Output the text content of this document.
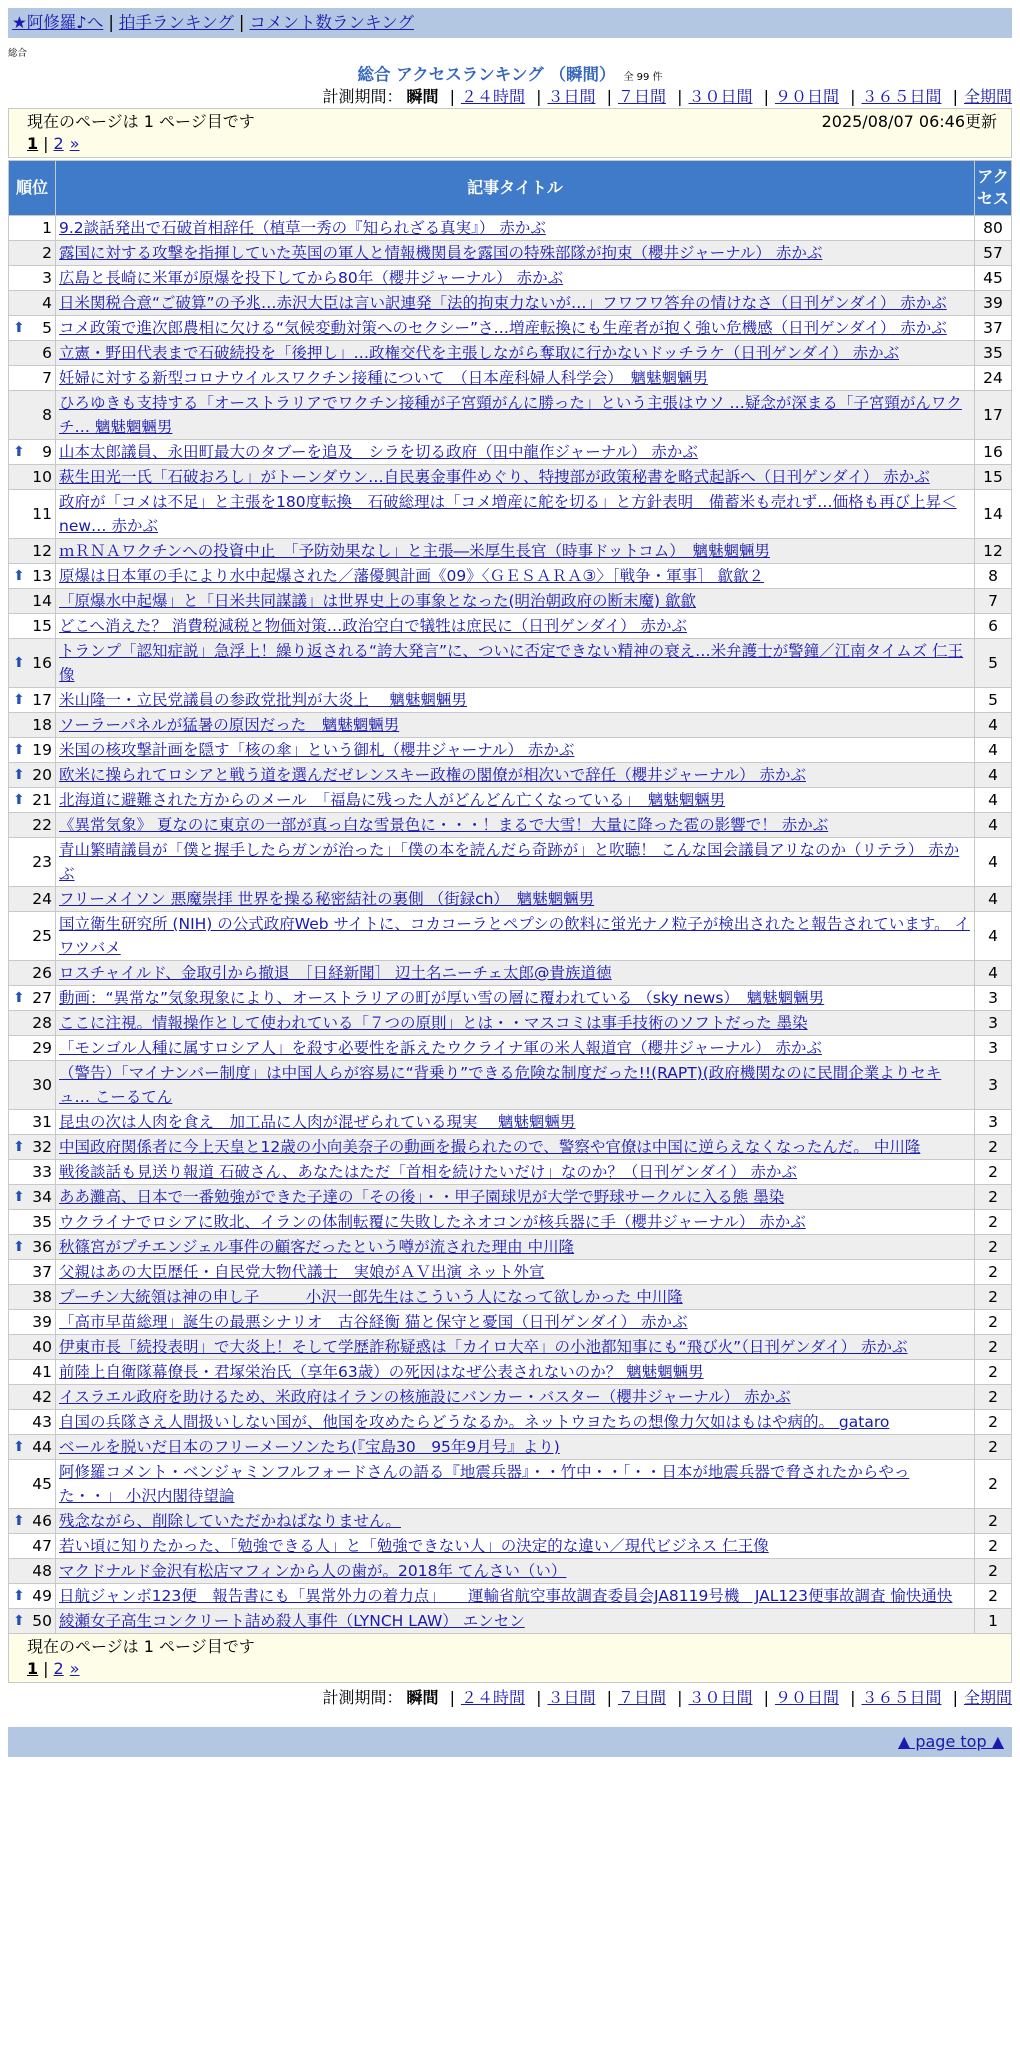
★阿修羅♪へ | 拍手ランキング | コメント数ランキング
総合
総合 アクセスランキング （瞬間） 全 99 件
計測期間： 瞬間 | ２４時間 | ３日間 | ７日間 | ３０日間 | ９０日間 | ３６５日間 | 全期間
現在のページは 1 ページ目です	2025/08/07 06:46更新
1 | 2 »
順位	記事タイトル	アクセス
1	9.2談話発出で石破首相辞任（植草一秀の『知られざる真実』） 赤かぶ	80
2	露国に対する攻撃を指揮していた英国の軍人と情報機関員を露国の特殊部隊が拘束（櫻井ジャーナル） 赤かぶ	57
3	広島と長崎に米軍が原爆を投下してから80年（櫻井ジャーナル） 赤かぶ	45
4	日米関税合意“ご破算”の予兆…赤沢大臣は言い訳連発「法的拘束力ないが…」フワフワ答弁の情けなさ（日刊ゲンダイ） 赤かぶ	39

⬆ 5	コメ政策で進次郎農相に欠ける“気候変動対策へのセクシー”さ…増産転換にも生産者が抱く強い危機感（日刊ゲンダイ） 赤かぶ	37
6	立憲・野田代表まで石破続投を「後押し」…政権交代を主張しながら奪取に行かないドッチラケ（日刊ゲンダイ） 赤かぶ	35
7	妊婦に対する新型コロナウイルスワクチン接種について　（日本産科婦人科学会）　魑魅魍魎男	24
8	ひろゆきも支持する「オーストラリアでワクチン接種が子宮頸がんに勝った」という主張はウソ …疑念が深まる「子宮頸がんワクチ… 魑魅魍魎男	17

⬆ 9	山本太郎議員、永田町最大のタブーを追及　シラを切る政府（田中龍作ジャーナル） 赤かぶ	16
10	萩生田光一氏「石破おろし」がトーンダウン…自民裏金事件めぐり、特捜部が政策秘書を略式起訴へ（日刊ゲンダイ） 赤かぶ	15
11	政府が「コメは不足」と主張を180度転換　石破総理は「コメ増産に舵を切る」と方針表明　備蓄米も売れず…価格も再び上昇＜new… 赤かぶ	14
12	ｍＲＮＡワクチンへの投資中止　「予防効果なし」と主張―米厚生長官（時事ドットコム）　魑魅魍魎男	12

⬆ 13	原爆は日本軍の手により水中起爆された／藩優興計画《09》〈ＧＥＳＡＲＡ③〉［戦争・軍事］ 歙歙２	8
14	「原爆水中起爆」と「日米共同謀議」は世界史上の事象となった(明治朝政府の断末魔) 歙歙	7
15	どこへ消えた？ 消費税減税と物価対策…政治空白で犠牲は庶民に（日刊ゲンダイ） 赤かぶ	6

⬆ 16	トランプ「認知症説」急浮上！繰り返される“誇大発言”に、ついに否定できない精神の衰え…米弁護士が警鐘／江南タイムズ 仁王像	5

⬆ 17	米山隆一・立民党議員の参政党批判が大炎上　 魑魅魍魎男	5
18	ソーラーパネルが猛暑の原因だった　魑魅魍魎男	4

⬆ 19	米国の核攻撃計画を隠す「核の傘」という御札（櫻井ジャーナル） 赤かぶ	4

⬆ 20	欧米に操られてロシアと戦う道を選んだゼレンスキー政権の閣僚が相次いで辞任（櫻井ジャーナル） 赤かぶ	4

⬆ 21	北海道に避難された方からのメール　「福島に残った人がどんどん亡くなっている」　魑魅魍魎男	4
22	《異常気象》 夏なのに東京の一部が真っ白な雪景色に・・・！まるで大雪！大量に降った雹の影響で！ 赤かぶ	4
23	青山繁晴議員が「僕と握手したらガンが治った」「僕の本を読んだら奇跡が」と吹聴！ こんな国会議員アリなのか（リテラ） 赤かぶ	4
24	フリーメイソン 悪魔崇拝 世界を操る秘密結社の裏側 （街録ch）　魑魅魍魎男	4
25	国立衛生研究所 (NIH) の公式政府Web サイトに、コカコーラとペプシの飲料に蛍光ナノ粒子が検出されたと報告されています。 イワツバメ	4
26	ロスチャイルド、金取引から撤退　［日経新聞］ 辺土名ニーチェ太郎@貴族道徳	4

⬆ 27	動画：“異常な”気象現象により、オーストラリアの町が厚い雪の層に覆われている （sky news）　魑魅魍魎男	3
28	ここに注視。情報操作として使われている「７つの原則」とは・・マスコミは事手技術のソフトだった 墨染	3
29	「モンゴル人種に属すロシア人」を殺す必要性を訴えたウクライナ軍の米人報道官（櫻井ジャーナル） 赤かぶ	3
30	（警告）「マイナンバー制度」は中国人らが容易に“背乗り”できる危険な制度だった!!(RAPT)(政府機関なのに民間企業よりセキュ… こーるてん	3
31	昆虫の次は人肉を食え　加工品に人肉が混ぜられている現実　 魑魅魍魎男	3

⬆ 32	中国政府関係者に今上天皇と12歳の小向美奈子の動画を撮られたので、警察や官僚は中国に逆らえなくなったんだ。 中川隆	2
33	戦後談話も見送り報道 石破さん、あなたはただ「首相を続けたいだけ」なのか？（日刊ゲンダイ） 赤かぶ	2

⬆ 34	ああ灘高、日本で一番勉強ができた子達の「その後」・・甲子園球児が大学で野球サークルに入る態 墨染	2
35	ウクライナでロシアに敗北、イランの体制転覆に失敗したネオコンが核兵器に手（櫻井ジャーナル） 赤かぶ	2

⬆ 36	秋篠宮がプチエンジェル事件の顧客だったという噂が流された理由 中川隆	2
37	父親はあの大臣歴任・自民党大物代議士　実娘がＡＶ出演 ネット外宣	2
38	プーチン大統領は神の申し子＿＿＿小沢一郎先生はこういう人になって欲しかった 中川隆	2
39	「高市早苗総理」誕生の最悪シナリオ　古谷経衡 猫と保守と憂国（日刊ゲンダイ） 赤かぶ	2
40	伊東市長「続投表明」で大炎上！そして学歴詐称疑惑は「カイロ大卒」の小池都知事にも“飛び火”（日刊ゲンダイ） 赤かぶ	2
41	前陸上自衛隊幕僚長・君塚栄治氏（享年63歳）の死因はなぜ公表されないのか？ 魑魅魍魎男	2
42	イスラエル政府を助けるため、米政府はイランの核施設にバンカー・バスター（櫻井ジャーナル） 赤かぶ	2
43	自国の兵隊さえ人間扱いしない国が、他国を攻めたらどうなるか。ネットウヨたちの想像力欠如はもはや病的。 gataro	2

⬆ 44	ベールを脱いだ日本のフリーメーソンたち(『宝島30　95年9月号』より)	2
45	阿修羅コメント・ベンジャミンフルフォードさんの語る『地震兵器』・・竹中・・「・・日本が地震兵器で脅されたからやった・・」 小沢内閣待望論	2

⬆ 46	残念ながら、削除していただかねばなりません。	2
47	若い頃に知りたかった、「勉強できる人」と「勉強できない人」の決定的な違い／現代ビジネス 仁王像	2
48	マクドナルド金沢有松店マフィンから人の歯が。2018年 てんさい（い）	2

⬆ 49	日航ジャンボ123便　報告書にも「異常外力の着力点」　　運輸省航空事故調査委員会JA8119号機　JAL123便事故調査 愉快通快	2

⬆ 50	綾瀬女子高生コンクリート詰め殺人事件（LYNCH LAW） エンセン	1
現在のページは 1 ページ目です
1 | 2 »
計測期間： 瞬間 | ２４時間 | ３日間 | ７日間 | ３０日間 | ９０日間 | ３６５日間 | 全期間
▲ page top ▲
